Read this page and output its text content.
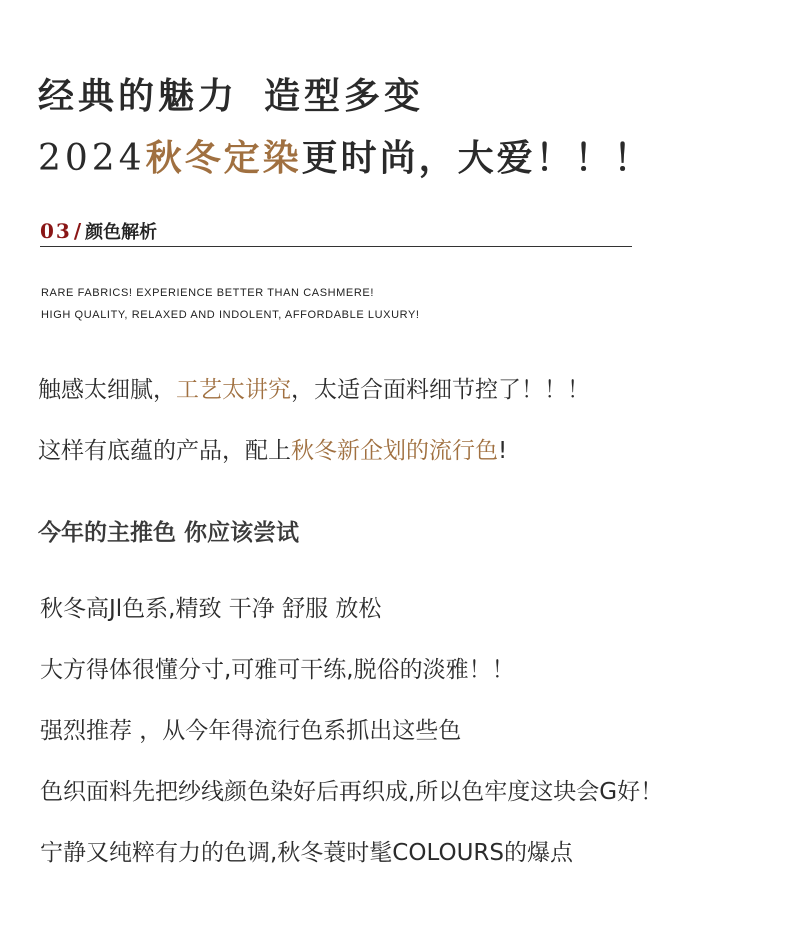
经典的魅力 造型多变
2024秋冬定染更时尚，大爱！！！
03 / 颜色解析
RARE FABRICS! EXPERIENCE BETTER THAN CASHMERE!
HIGH QUALITY, RELAXED AND INDOLENT, AFFORDABLE LUXURY!
触感太细腻，工艺太讲究，太适合面料细节控了！！！
这样有底蕴的产品，配上秋冬新企划的流行色!
今年的主推色 你应该尝试
秋冬高Jl色系,精致 干净 舒服 放松
大方得体很懂分寸,可雅可干练,脱俗的淡雅！！
强烈推荐 ，从今年得流行色系抓出这些色
色织面料先把纱线颜色染好后再织成,所以色牢度这块会G好！
宁静又纯粹有力的色调,秋冬蓑时髦COLOURS的爆点
